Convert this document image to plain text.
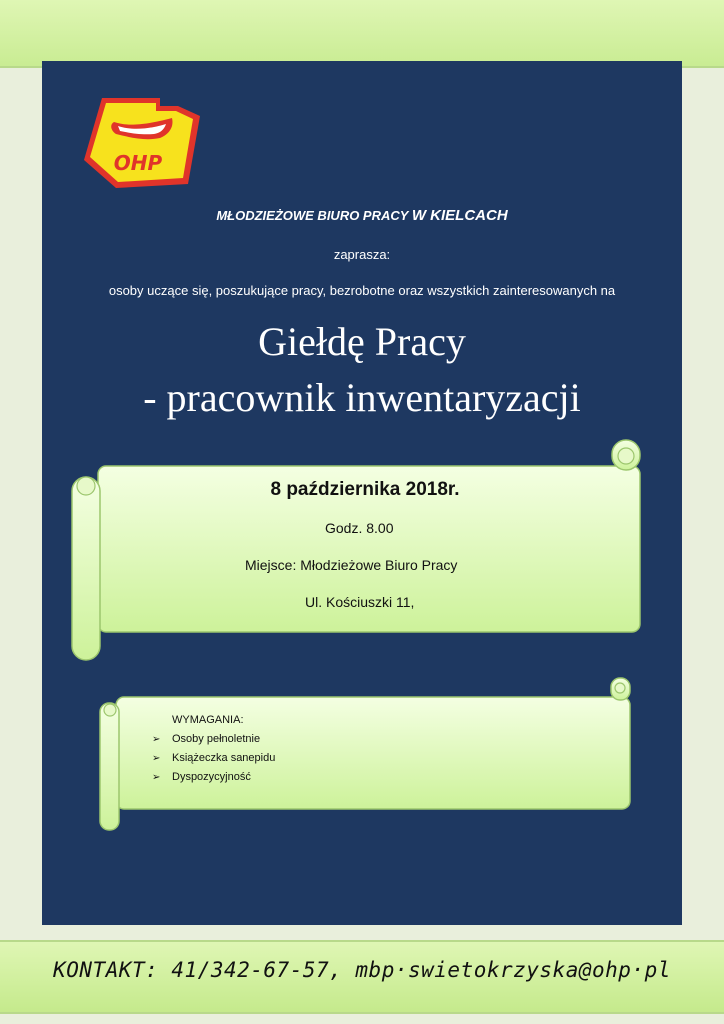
OHP
MŁODZIEŻOWE BIURO PRACY W KIELCACH
zaprasza:
osoby uczące się, poszukujące pracy, bezrobotne oraz wszystkich zainteresowanych na
Giełdę Pracy
- pracownik inwentaryzacji
8 października 2018r.
Godz. 8.00
Miejsce: Młodzieżowe Biuro Pracy
Ul. Kościuszki 11,
WYMAGANIA:
➢ Osoby pełnoletnie
➢ Książeczka sanepidu
➢ Dyspozycyjność
KONTAKT: 41/342-67-57, mbp·swietokrzyska@ohp·pl
